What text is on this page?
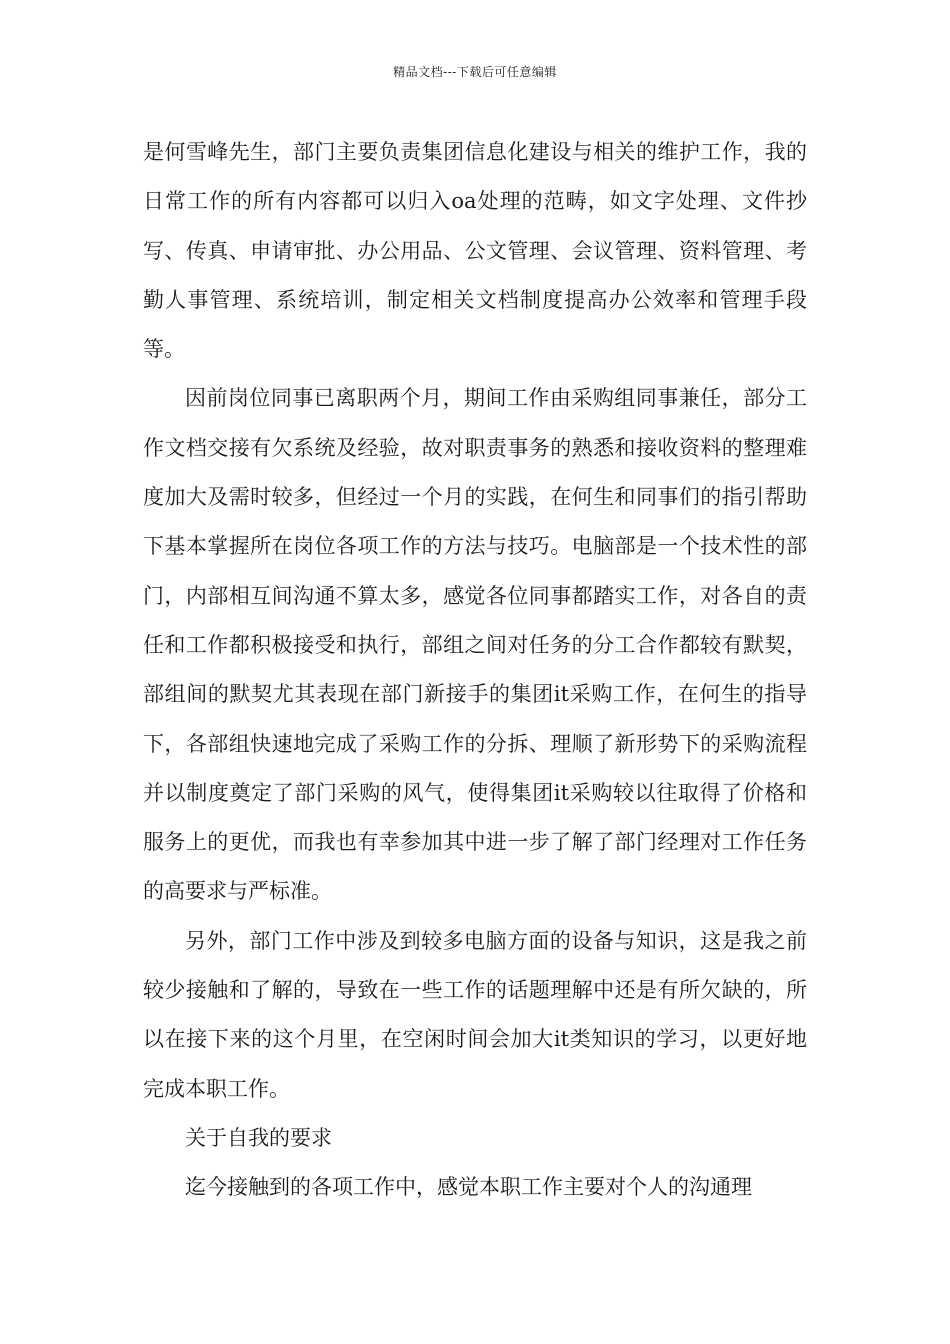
精品文档---下载后可任意编辑

是何雪峰先生，部门主要负责集团信息化建设与相关的维护工作，我的日常工作的所有内容都可以归入oa处理的范畴，如文字处理、文件抄写、传真、申请审批、办公用品、公文管理、会议管理、资料管理、考勤人事管理、系统培训，制定相关文档制度提高办公效率和管理手段等。

因前岗位同事已离职两个月，期间工作由采购组同事兼任，部分工作文档交接有欠系统及经验，故对职责事务的熟悉和接收资料的整理难度加大及需时较多，但经过一个月的实践，在何生和同事们的指引帮助下基本掌握所在岗位各项工作的方法与技巧。电脑部是一个技术性的部门，内部相互间沟通不算太多，感觉各位同事都踏实工作，对各自的责任和工作都积极接受和执行，部组之间对任务的分工合作都较有默契，部组间的默契尤其表现在部门新接手的集团it采购工作，在何生的指导下，各部组快速地完成了采购工作的分拆、理顺了新形势下的采购流程并以制度奠定了部门采购的风气，使得集团it采购较以往取得了价格和服务上的更优，而我也有幸参加其中进一步了解了部门经理对工作任务的高要求与严标准。

另外，部门工作中涉及到较多电脑方面的设备与知识，这是我之前较少接触和了解的，导致在一些工作的话题理解中还是有所欠缺的，所以在接下来的这个月里，在空闲时间会加大it类知识的学习，以更好地完成本职工作。

关于自我的要求

迄今接触到的各项工作中，感觉本职工作主要对个人的沟通理
